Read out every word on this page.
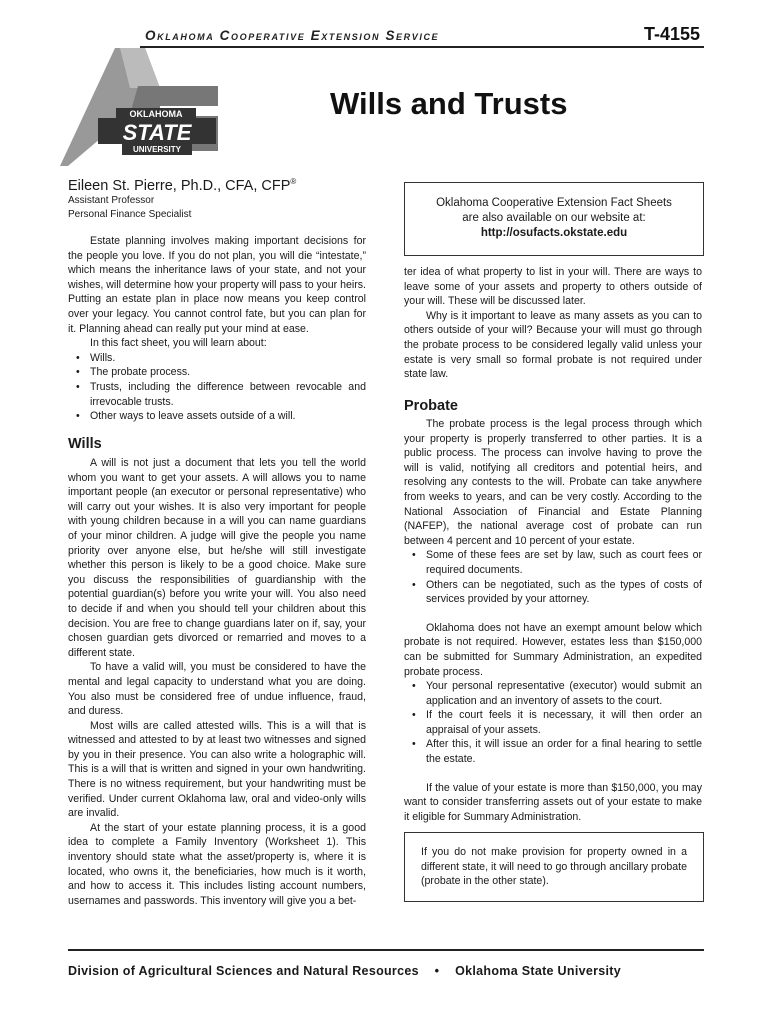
Oklahoma Cooperative Extension Service	T-4155
OKLAHOMA
STATE
UNIVERSITY
Wills and Trusts
Eileen St. Pierre, Ph.D., CFA, CFP®
Assistant Professor
Personal Finance Specialist
Oklahoma Cooperative Extension Fact Sheets
are also available on our website at:
http://osufacts.okstate.edu

Estate planning involves making important decisions for the people you love. If you do not plan, you will die “intestate,” which means the inheritance laws of your state, and not your wishes, will determine how your property will pass to your heirs. Putting an estate plan in place now means you keep control over your legacy. You cannot control fate, but you can plan for it. Planning ahead can really put your mind at ease.

In this fact sheet, you will learn about:

• Wills.
• The probate process.
• Trusts, including the difference between revocable and irrevocable trusts.
• Other ways to leave assets outside of a will.
Wills

A will is not just a document that lets you tell the world whom you want to get your assets. A will allows you to name important people (an executor or personal representative) who will carry out your wishes. It is also very important for people with young children because in a will you can name guardians of your minor children. A judge will give the people you name priority over anyone else, but he/she will still investigate whether this person is likely to be a good choice. Make sure you discuss the responsibilities of guardianship with the potential guardian(s) before you write your will. You also need to decide if and when you should tell your children about this decision. You are free to change guardians later on if, say, your chosen guardian gets divorced or remarried and moves to a different state.

To have a valid will, you must be considered to have the mental and legal capacity to understand what you are doing. You also must be considered free of undue influence, fraud, and duress.

Most wills are called attested wills. This is a will that is witnessed and attested to by at least two witnesses and signed by you in their presence. You can also write a holographic will. This is a will that is written and signed in your own handwriting. There is no witness requirement, but your handwriting must be verified. Under current Oklahoma law, oral and video-only wills are invalid.

At the start of your estate planning process, it is a good idea to complete a Family Inventory (Worksheet 1). This inventory should state what the asset/property is, where it is located, who owns it, the beneficiaries, how much is it worth, and how to access it. This includes listing account numbers, usernames and passwords. This inventory will give you a bet-

ter idea of what property to list in your will. There are ways to leave some of your assets and property to others outside of your will. These will be discussed later.

Why is it important to leave as many assets as you can to others outside of your will? Because your will must go through the probate process to be considered legally valid unless your estate is very small so formal probate is not required under state law.

Probate

The probate process is the legal process through which your property is properly transferred to other parties. It is a public process. The process can involve having to prove the will is valid, notifying all creditors and potential heirs, and resolving any contests to the will. Probate can take anywhere from weeks to years, and can be very costly. According to the National Association of Financial and Estate Planning (NAFEP), the national average cost of probate can run between 4 percent and 10 percent of your estate.

• Some of these fees are set by law, such as court fees or required documents.
• Others can be negotiated, such as the types of costs of services provided by your attorney.

Oklahoma does not have an exempt amount below which probate is not required. However, estates less than $150,000 can be submitted for Summary Administration, an expedited probate process.

• Your personal representative (executor) would submit an application and an inventory of assets to the court.
• If the court feels it is necessary, it will then order an appraisal of your assets.
• After this, it will issue an order for a final hearing to settle the estate.

If the value of your estate is more than $150,000, you may want to consider transferring assets out of your estate to make it eligible for Summary Administration.

If you do not make provision for property owned in a different state, it will need to go through ancillary probate (probate in the other state).
Division of Agricultural Sciences and Natural Resources • Oklahoma State University
